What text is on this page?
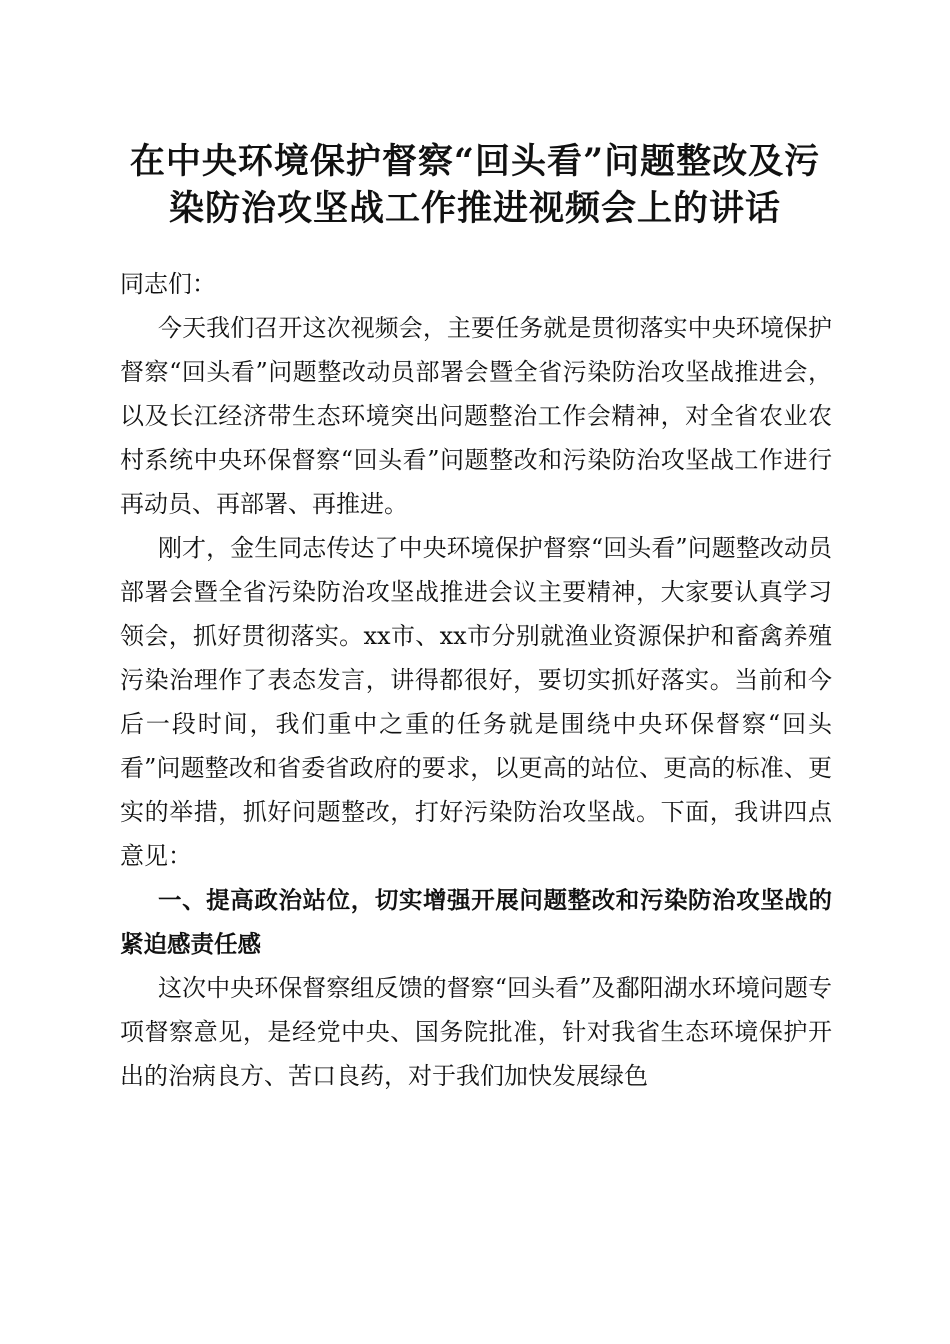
在中央环境保护督察“回头看”问题整改及污
染防治攻坚战工作推进视频会上的讲话

同志们：

今天我们召开这次视频会，主要任务就是贯彻落实中央环境保护督察“回头看”问题整改动员部署会暨全省污染防治攻坚战推进会，以及长江经济带生态环境突出问题整治工作会精神，对全省农业农村系统中央环保督察“回头看”问题整改和污染防治攻坚战工作进行再动员、再部署、再推进。

刚才，金生同志传达了中央环境保护督察“回头看”问题整改动员部署会暨全省污染防治攻坚战推进会议主要精神，大家要认真学习领会，抓好贯彻落实。xx市、xx市分别就渔业资源保护和畜禽养殖污染治理作了表态发言，讲得都很好，要切实抓好落实。当前和今后一段时间，我们重中之重的任务就是围绕中央环保督察“回头看”问题整改和省委省政府的要求，以更高的站位、更高的标准、更实的举措，抓好问题整改，打好污染防治攻坚战。下面，我讲四点意见：

一、提高政治站位，切实增强开展问题整改和污染防治攻坚战的紧迫感责任感

这次中央环保督察组反馈的督察“回头看”及鄱阳湖水环境问题专项督察意见，是经党中央、国务院批准，针对我省生态环境保护开出的治病良方、苦口良药，对于我们加快发展绿色
